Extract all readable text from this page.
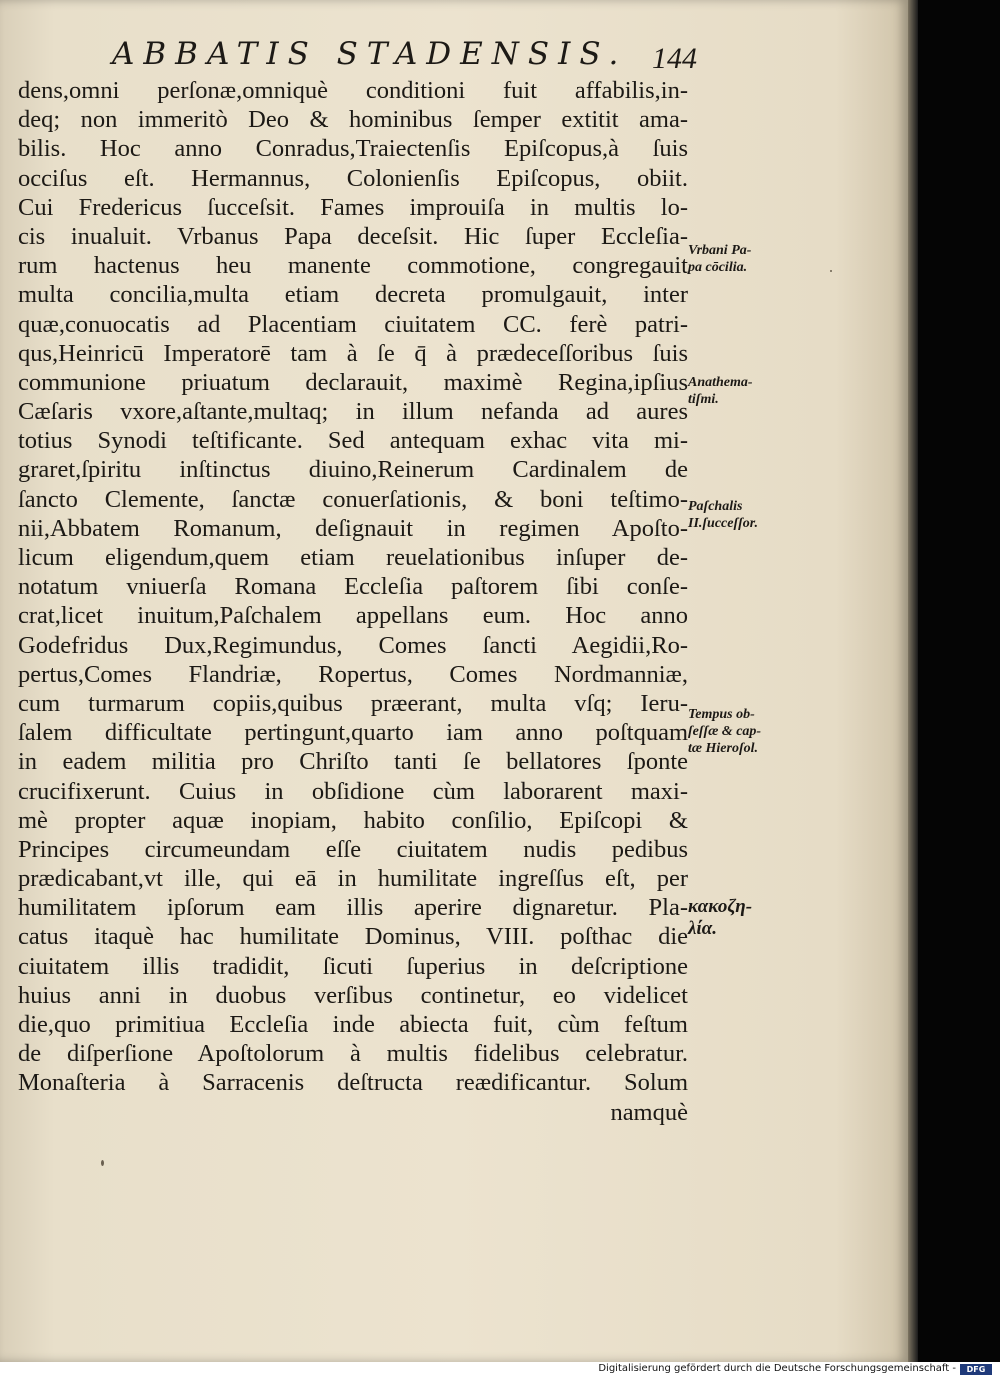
ABBATIS STADENSIS. 144
dens,omni perſonæ,omniquè conditioni fuit affabilis,in-
deq; non immeritò Deo & hominibus ſemper extitit ama-
bilis. Hoc anno Conradus,Traiectenſis Epiſcopus,à ſuis
occiſus eſt. Hermannus, Colonienſis Epiſcopus, obiit.
Cui Fredericus ſucceſsit. Fames improuiſa in multis lo-
cis inualuit. Vrbanus Papa deceſsit. Hic ſuper Eccleſia-
rum hactenus heu manente commotione, congregauit
multa concilia,multa etiam decreta promulgauit, inter
quæ,conuocatis ad Placentiam ciuitatem CC. ferè patri-
qus,Heinricū Imperatorē tam à ſe q̄ à prædeceſſoribus ſuis
communione priuatum declarauit, maximè Regina,ipſius
Cæſaris vxore,aſtante,multaq; in illum nefanda ad aures
totius Synodi teſtificante. Sed antequam exhac vita mi-
graret,ſpiritu inſtinctus diuino,Reinerum Cardinalem de
ſancto Clemente, ſanctæ conuerſationis, & boni teſtimo-
nii,Abbatem Romanum, deſignauit in regimen Apoſto-
licum eligendum,quem etiam reuelationibus inſuper de-
notatum vniuerſa Romana Eccleſia paſtorem ſibi conſe-
crat,licet inuitum,Paſchalem appellans eum. Hoc anno
Godefridus Dux,Regimundus, Comes ſancti Aegidii,Ro-
pertus,Comes Flandriæ, Ropertus, Comes Nordmanniæ,
cum turmarum copiis,quibus præerant, multa vſq; Ieru-
ſalem difficultate pertingunt,quarto iam anno poſtquam
in eadem militia pro Chriſto tanti ſe bellatores ſponte
crucifixerunt. Cuius in obſidione cùm laborarent maxi-
mè propter aquæ inopiam, habito conſilio, Epiſcopi &
Principes circumeundam eſſe ciuitatem nudis pedibus
prædicabant,vt ille, qui eā in humilitate ingreſſus eſt, per
humilitatem ipſorum eam illis aperire dignaretur. Pla-
catus itaquè hac humilitate Dominus, VIII. poſthac die
ciuitatem illis tradidit, ſicuti ſuperius in deſcriptione
huius anni in duobus verſibus continetur, eo videlicet
die,quo primitiua Eccleſia inde abiecta fuit, cùm feſtum
de diſperſione Apoſtolorum à multis fidelibus celebratur.
Monaſteria à Sarracenis deſtructa reædificantur. Solum
namquè
Vrbani Pa-
pa cōcilia.
Anathema-
tiſmi.
Paſchalis
II.ſucceſſor.
Tempus ob-
ſeſſæ & cap-
tæ Hieroſol.
κακοζη-
λία.
Digitalisierung gefördert durch die Deutsche Forschungsgemeinschaft -	DFG
